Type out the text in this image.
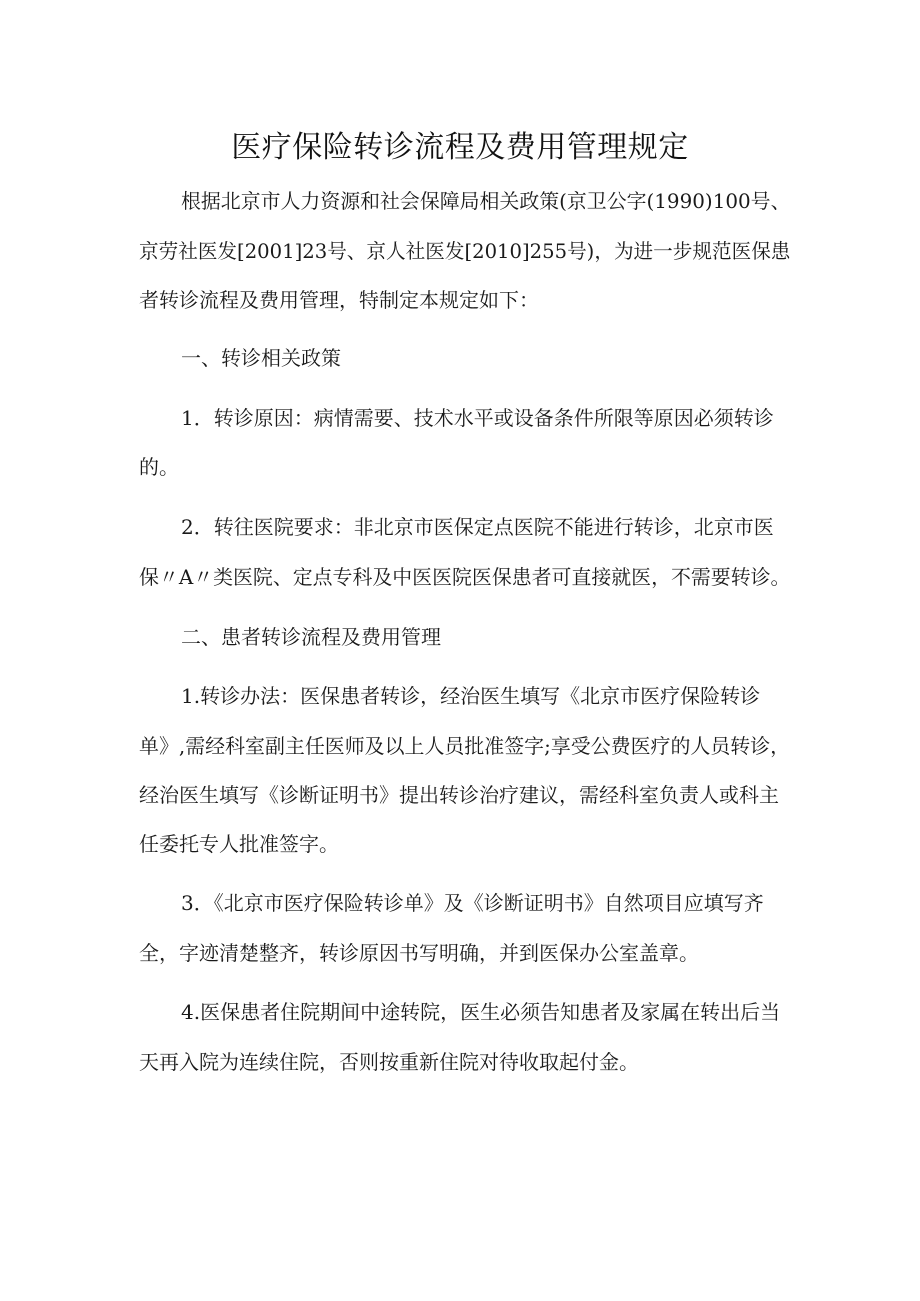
医疗保险转诊流程及费用管理规定
根据北京市人力资源和社会保障局相关政策(京卫公字(1990)100号、
京劳社医发[2001]23号、京人社医发[2010]255号)，为进一步规范医保患
者转诊流程及费用管理，特制定本规定如下：
一、转诊相关政策
1．转诊原因：病情需要、技术水平或设备条件所限等原因必须转诊
的。
2．转往医院要求：非北京市医保定点医院不能进行转诊，北京市医
保〃A〃类医院、定点专科及中医医院医保患者可直接就医，不需要转诊。
二、患者转诊流程及费用管理
1.转诊办法：医保患者转诊，经治医生填写《北京市医疗保险转诊
单》,需经科室副主任医师及以上人员批准签字;享受公费医疗的人员转诊，
经治医生填写《诊断证明书》提出转诊治疗建议，需经科室负责人或科主
任委托专人批准签字。
3．《北京市医疗保险转诊单》及《诊断证明书》自然项目应填写齐
全，字迹清楚整齐，转诊原因书写明确，并到医保办公室盖章。
4.医保患者住院期间中途转院，医生必须告知患者及家属在转出后当
天再入院为连续住院，否则按重新住院对待收取起付金。
